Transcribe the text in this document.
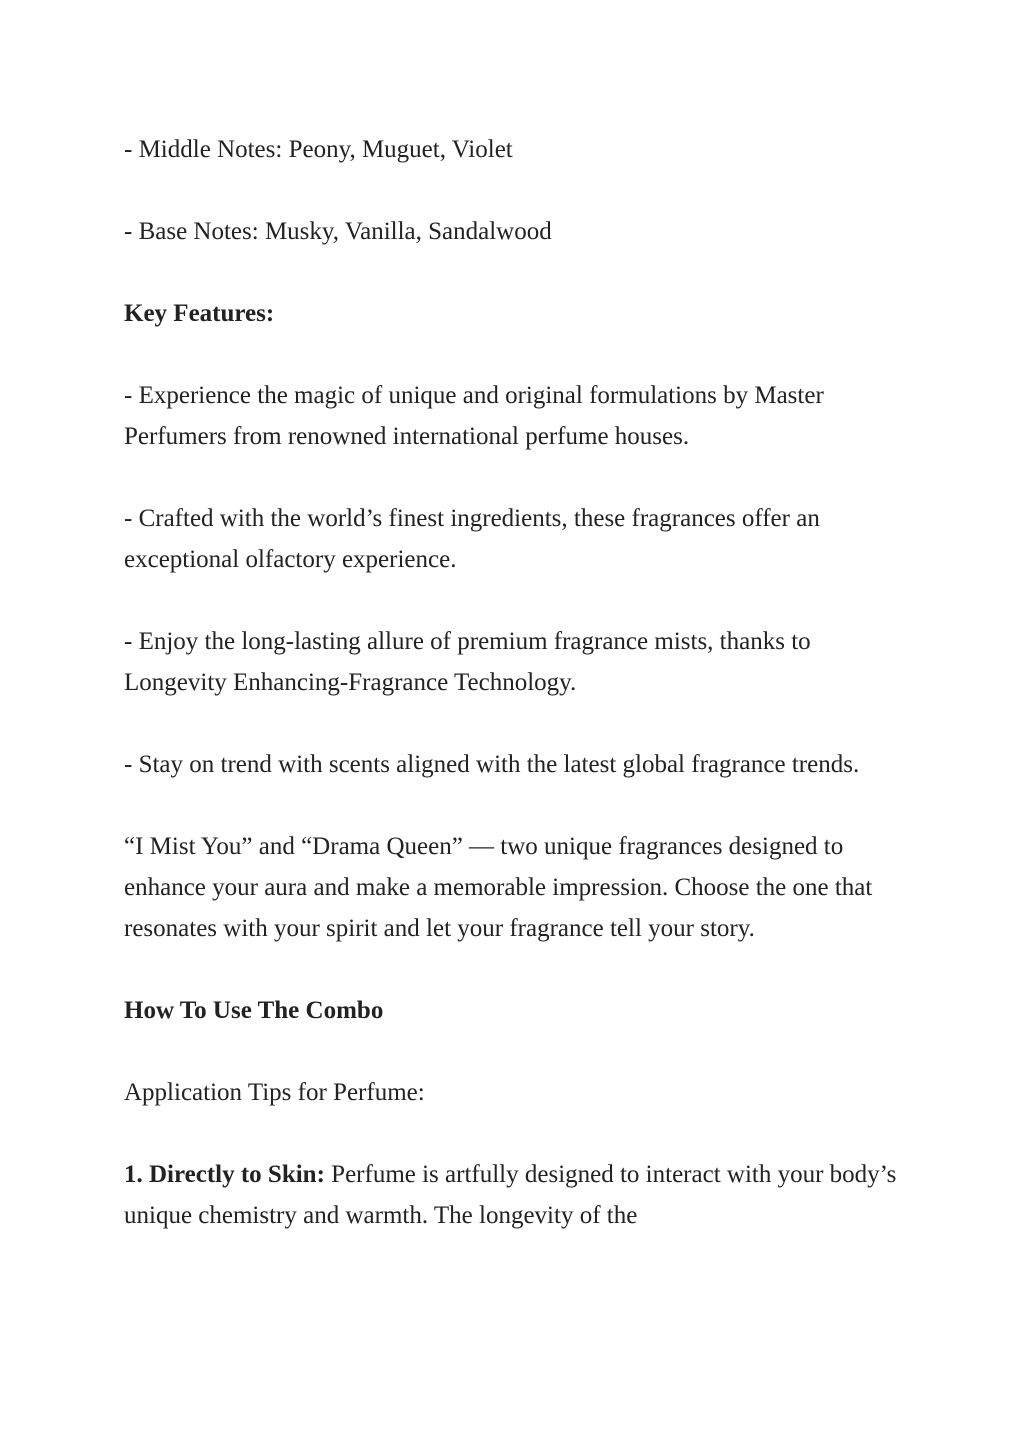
- Middle Notes: Peony, Muguet, Violet

- Base Notes: Musky, Vanilla, Sandalwood

Key Features:

- Experience the magic of unique and original formulations by Master Perfumers from renowned international perfume houses.

- Crafted with the world’s finest ingredients, these fragrances offer an exceptional olfactory experience.

- Enjoy the long-lasting allure of premium fragrance mists, thanks to Longevity Enhancing-Fragrance Technology.

- Stay on trend with scents aligned with the latest global fragrance trends.

“I Mist You” and “Drama Queen” — two unique fragrances designed to enhance your aura and make a memorable impression. Choose the one that resonates with your spirit and let your fragrance tell your story.

How To Use The Combo

Application Tips for Perfume:

1. Directly to Skin: Perfume is artfully designed to interact with your body’s unique chemistry and warmth. The longevity of the
